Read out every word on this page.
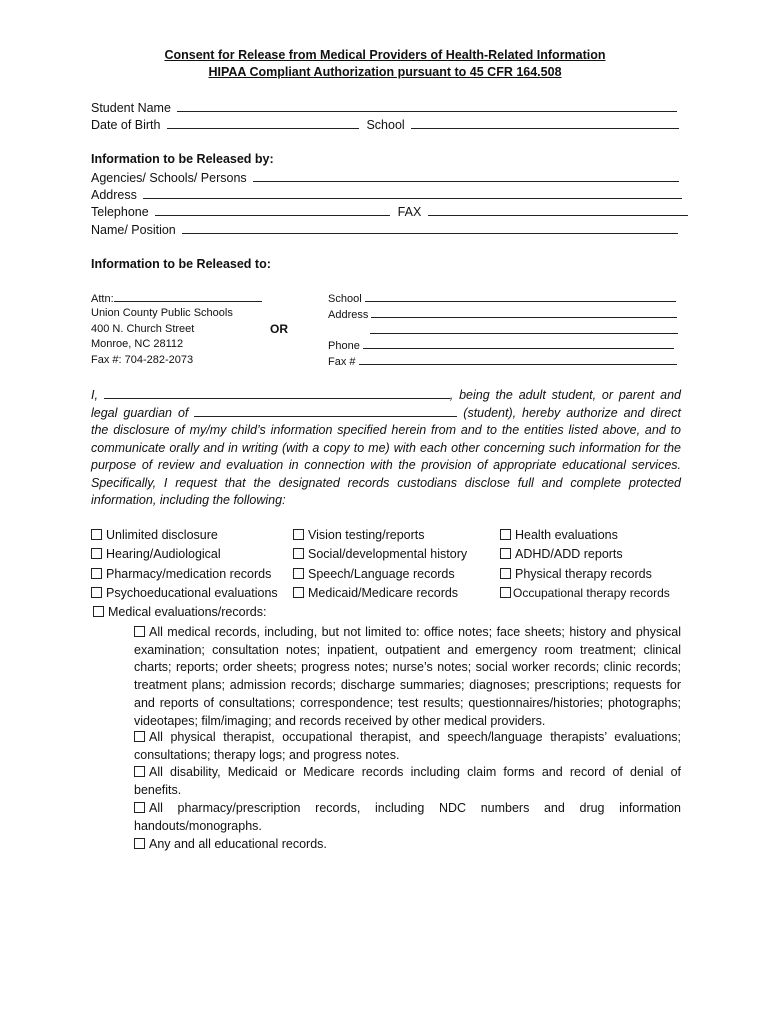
Consent for Release from Medical Providers of Health-Related Information
HIPAA Compliant Authorization pursuant to 45 CFR 164.508
Student Name
Date of Birth	School
Information to be Released by:
Agencies/ Schools/ Persons
Address
Telephone	FAX
Name/ Position
Information to be Released to:
Attn:
Union County Public Schools
400 N. Church Street
Monroe, NC 28112
Fax #: 704-282-2073
OR
School
Address
Phone
Fax #
I,	, being the adult student, or parent and
legal guardian of	(student), hereby authorize and direct
the disclosure of my/my child’s information specified herein from and to the entities listed above, and to communicate orally and in writing (with a copy to me) with each other concerning such information for the purpose of review and evaluation in connection with the provision of appropriate educational services. Specifically, I request that the designated records custodians disclose full and complete protected information, including the following:
Unlimited disclosure
Hearing/Audiological
Pharmacy/medication records
Psychoeducational evaluations
Vision testing/reports
Social/developmental history
Speech/Language records
Medicaid/Medicare records
Health evaluations
ADHD/ADD reports
Physical therapy records
Occupational therapy records
Medical evaluations/records:
All medical records, including, but not limited to: office notes; face sheets; history and physical examination; consultation notes; inpatient, outpatient and emergency room treatment; clinical charts; reports; order sheets; progress notes; nurse’s notes; social worker records; clinic records; treatment plans; admission records; discharge summaries; diagnoses; prescriptions; requests for and reports of consultations; correspondence; test results; questionnaires/histories; photographs; videotapes; film/imaging; and records received by other medical providers.
All physical therapist, occupational therapist, and speech/language therapists’ evaluations; consultations; therapy logs; and progress notes.
All disability, Medicaid or Medicare records including claim forms and record of denial of benefits.
All pharmacy/prescription records, including NDC numbers and drug information handouts/monographs.
Any and all educational records.
